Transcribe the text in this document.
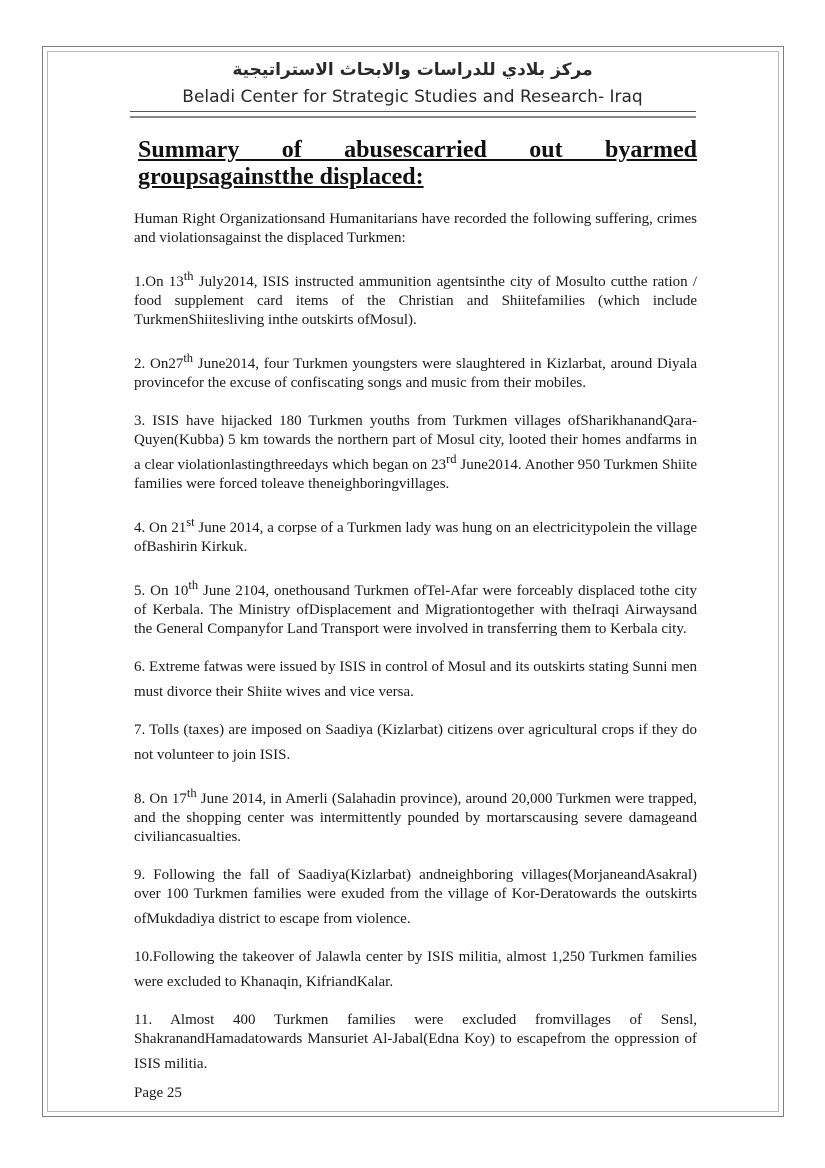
مركز بلادي للدراسات والابحاث الاستراتيجية
Beladi Center for Strategic Studies and Research- Iraq
Summary of abusescarried out byarmed groupsagainstthe displaced:

Human Right Organizationsand Humanitarians have recorded the following suffering, crimes and violationsagainst the displaced Turkmen:

1.On 13th July2014, ISIS instructed ammunition agentsinthe city of Mosulto cutthe ration / food supplement card items of the Christian and Shiitefamilies (which include TurkmenShiitesliving inthe outskirts ofMosul).

2. On27th June2014, four Turkmen youngsters were slaughtered in Kizlarbat, around Diyala provincefor the excuse of confiscating songs and music from their mobiles.

3. ISIS have hijacked 180 Turkmen youths from Turkmen villages ofSharikhanandQara-Quyen(Kubba) 5 km towards the northern part of Mosul city, looted their homes andfarms in a clear violationlastingthreedays which began on 23rd June2014. Another 950 Turkmen Shiite families were forced toleave theneighboringvillages.

4. On 21st June 2014, a corpse of a Turkmen lady was hung on an electricitypolein the village ofBashirin Kirkuk.

5. On 10th June 2104, onethousand Turkmen ofTel-Afar were forceably displaced tothe city of Kerbala. The Ministry ofDisplacement and Migrationtogether with theIraqi Airwaysand the General Companyfor Land Transport were involved in transferring them to Kerbala city.

6. Extreme fatwas were issued by ISIS in control of Mosul and its outskirts stating Sunni men must divorce their Shiite wives and vice versa.

7. Tolls (taxes) are imposed on Saadiya (Kizlarbat) citizens over agricultural crops if they do not volunteer to join ISIS.

8. On 17th June 2014, in Amerli (Salahadin province), around 20,000 Turkmen were trapped, and the shopping center was intermittently pounded by mortarscausing severe damageand civiliancasualties.

9. Following the fall of Saadiya(Kizlarbat) andneighboring villages(MorjaneandAsakral) over 100 Turkmen families were exuded from the village of Kor-Deratowards the outskirts ofMukdadiya district to escape from violence.

10.Following the takeover of Jalawla center by ISIS militia, almost 1,250 Turkmen families were excluded to Khanaqin, KifriandKalar.

11. Almost 400 Turkmen families were excluded fromvillages of Sensl, ShakranandHamadatowards Mansuriet Al-Jabal(Edna Koy) to escapefrom the oppression of ISIS militia.

Page 25
